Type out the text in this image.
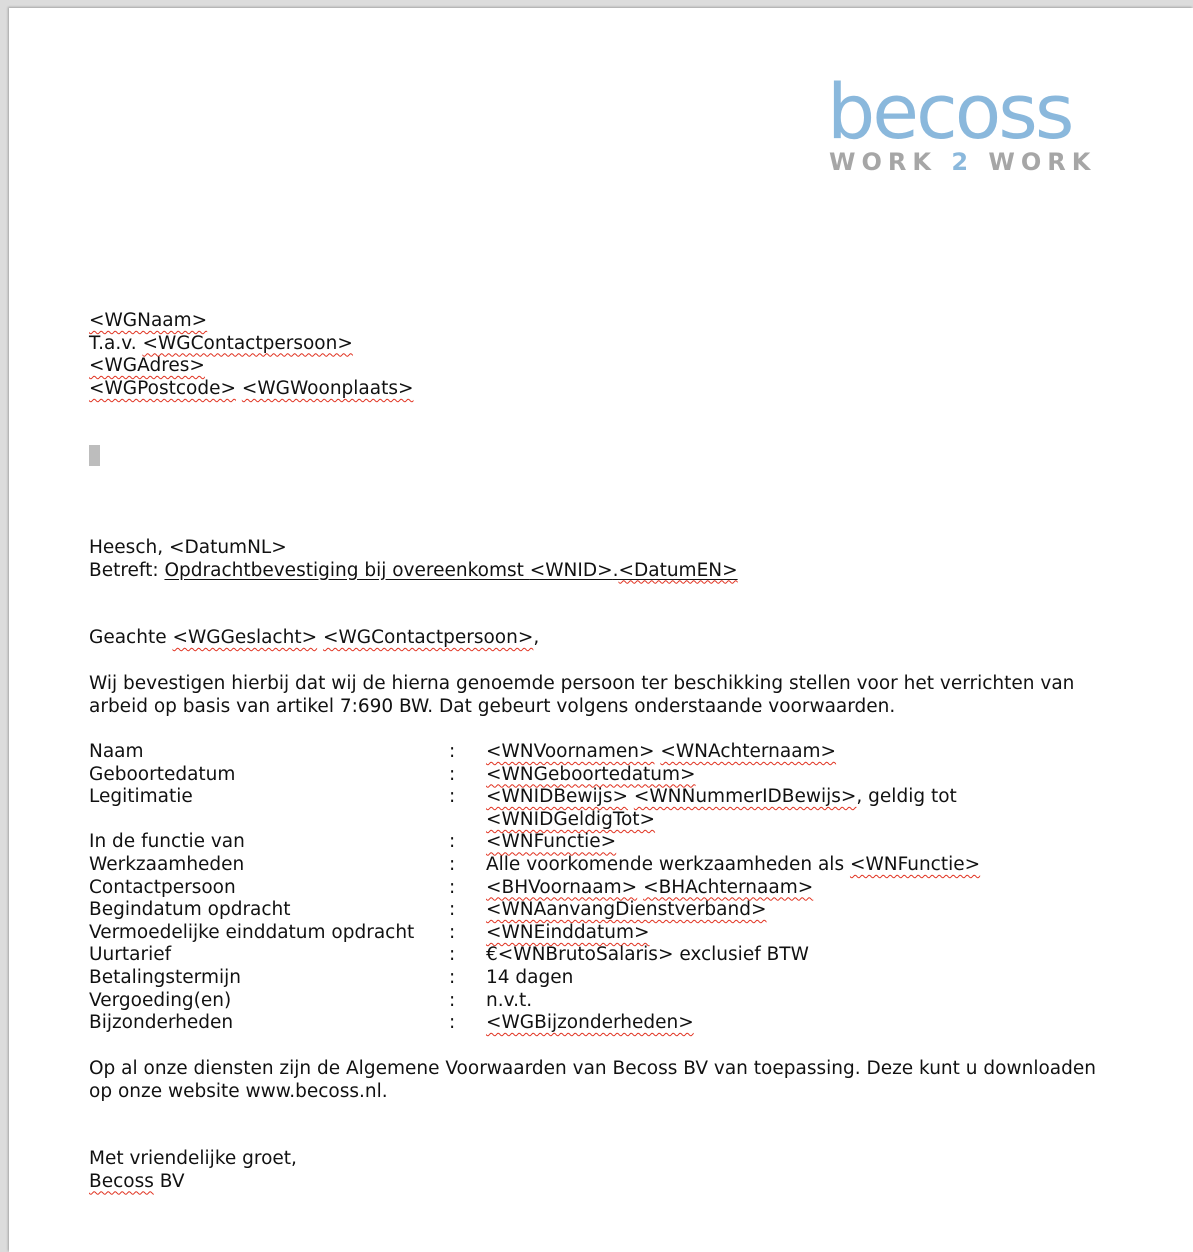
becoss
WORK 2 WORK
<WGNaam>
T.a.v. <WGContactpersoon>
<WGAdres>
<WGPostcode> <WGWoonplaats>
Heesch, <DatumNL>
Betreft: Opdrachtbevestiging bij overeenkomst <WNID>.<DatumEN>
Geachte <WGGeslacht> <WGContactpersoon>,
Wij bevestigen hierbij dat wij de hierna genoemde persoon ter beschikking stellen voor het verrichten van arbeid op basis van artikel 7:690 BW. Dat gebeurt volgens onderstaande voorwaarden.
Naam	:	<WNVoornamen> <WNAchternaam>
Geboortedatum	:	<WNGeboortedatum>
Legitimatie	:	<WNIDBewijs> <WNNummerIDBewijs>, geldig tot
<WNIDGeldigTot>
In de functie van	:	<WNFunctie>
Werkzaamheden	:	Alle voorkomende werkzaamheden als <WNFunctie>
Contactpersoon	:	<BHVoornaam> <BHAchternaam>
Begindatum opdracht	:	<WNAanvangDienstverband>
Vermoedelijke einddatum opdracht	:	<WNEinddatum>
Uurtarief	:	€<WNBrutoSalaris> exclusief BTW
Betalingstermijn	:	14 dagen
Vergoeding(en)	:	n.v.t.
Bijzonderheden	:	<WGBijzonderheden>
Op al onze diensten zijn de Algemene Voorwaarden van Becoss BV van toepassing. Deze kunt u downloaden op onze website www.becoss.nl.
Met vriendelijke groet,
Becoss BV
